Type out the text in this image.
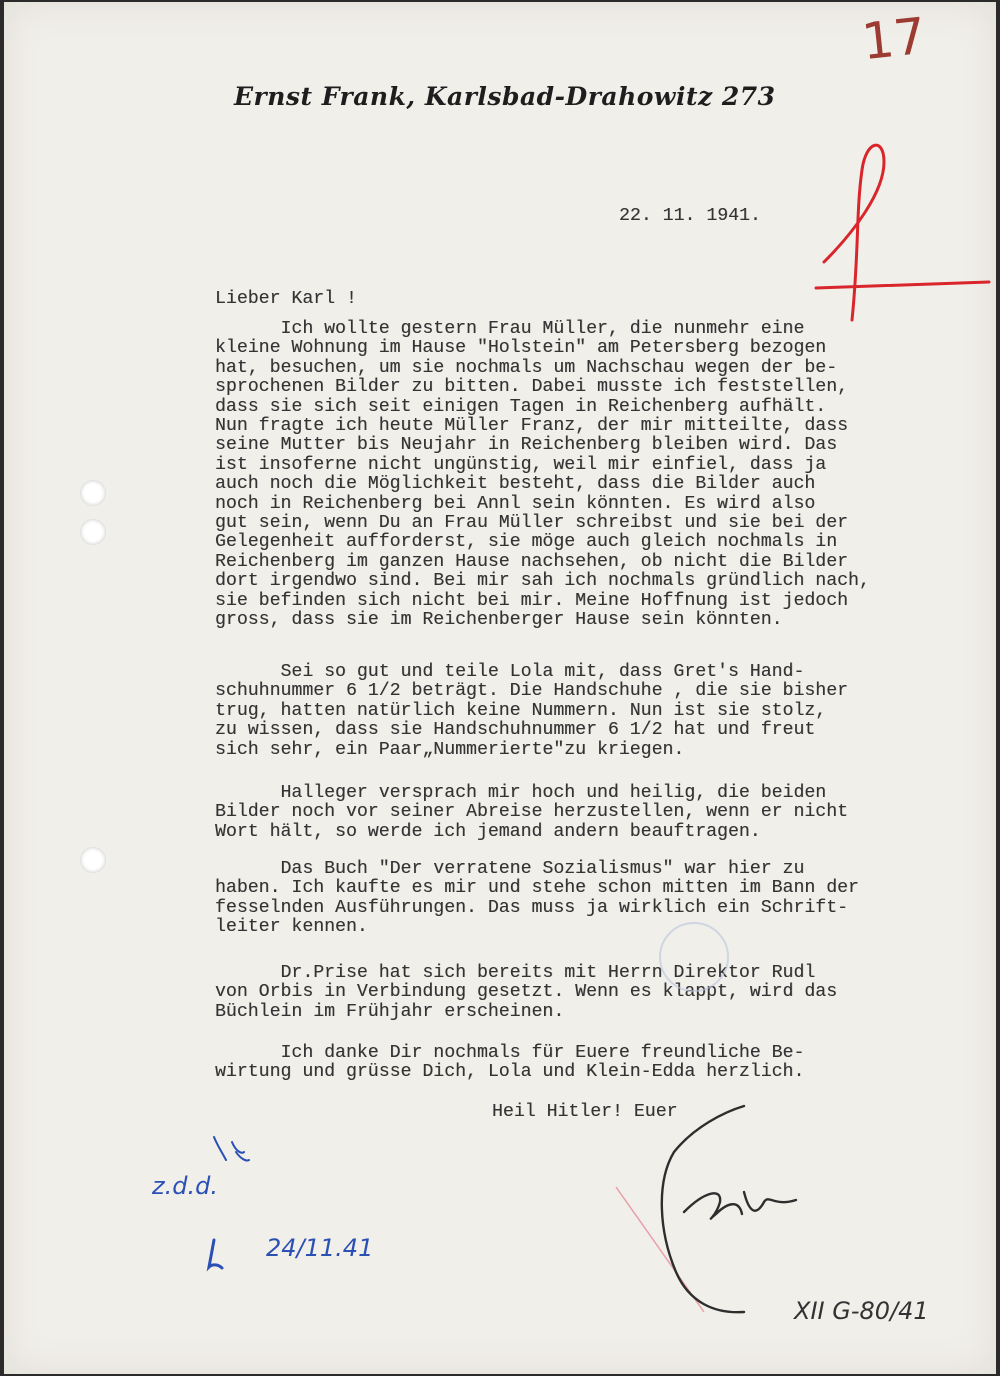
17
Ernst Frank, Karlsbad-Drahowitz 273
22. 11. 1941.
Lieber Karl !
Ich wollte gestern Frau Müller, die nunmehr eine
kleine Wohnung im Hause "Holstein" am Petersberg bezogen
hat, besuchen, um sie nochmals um Nachschau wegen der be-
sprochenen Bilder zu bitten. Dabei musste ich feststellen,
dass sie sich seit einigen Tagen in Reichenberg aufhält.
Nun fragte ich heute Müller Franz, der mir mitteilte, dass
seine Mutter bis Neujahr in Reichenberg bleiben wird. Das
ist insoferne nicht ungünstig, weil mir einfiel, dass ja
auch noch die Möglichkeit besteht, dass die Bilder auch
noch in Reichenberg bei Annl sein könnten. Es wird also
gut sein, wenn Du an Frau Müller schreibst und sie bei der
Gelegenheit aufforderst, sie möge auch gleich nochmals in
Reichenberg im ganzen Hause nachsehen, ob nicht die Bilder
dort irgendwo sind. Bei mir sah ich nochmals gründlich nach,
sie befinden sich nicht bei mir. Meine Hoffnung ist jedoch
gross, dass sie im Reichenberger Hause sein könnten.
Sei so gut und teile Lola mit, dass Gret's Hand-
schuhnummer 6 1/2 beträgt. Die Handschuhe , die sie bisher
trug, hatten natürlich keine Nummern. Nun ist sie stolz,
zu wissen, dass sie Handschuhnummer 6 1/2 hat und freut
sich sehr, ein Paar„Nummerierte"zu kriegen.
Halleger versprach mir hoch und heilig, die beiden
Bilder noch vor seiner Abreise herzustellen, wenn er nicht
Wort hält, so werde ich jemand andern beauftragen.
Das Buch "Der verratene Sozialismus" war hier zu
haben. Ich kaufte es mir und stehe schon mitten im Bann der
fesselnden Ausführungen. Das muss ja wirklich ein Schrift-
leiter kennen.
Dr.Prise hat sich bereits mit Herrn Direktor Rudl
von Orbis in Verbindung gesetzt. Wenn es klappt, wird das
Büchlein im Frühjahr erscheinen.
Ich danke Dir nochmals für Euere freundliche Be-
wirtung und grüsse Dich, Lola und Klein-Edda herzlich.
Heil Hitler! Euer
z.d.d.
24/11.41
XII G-80/41
